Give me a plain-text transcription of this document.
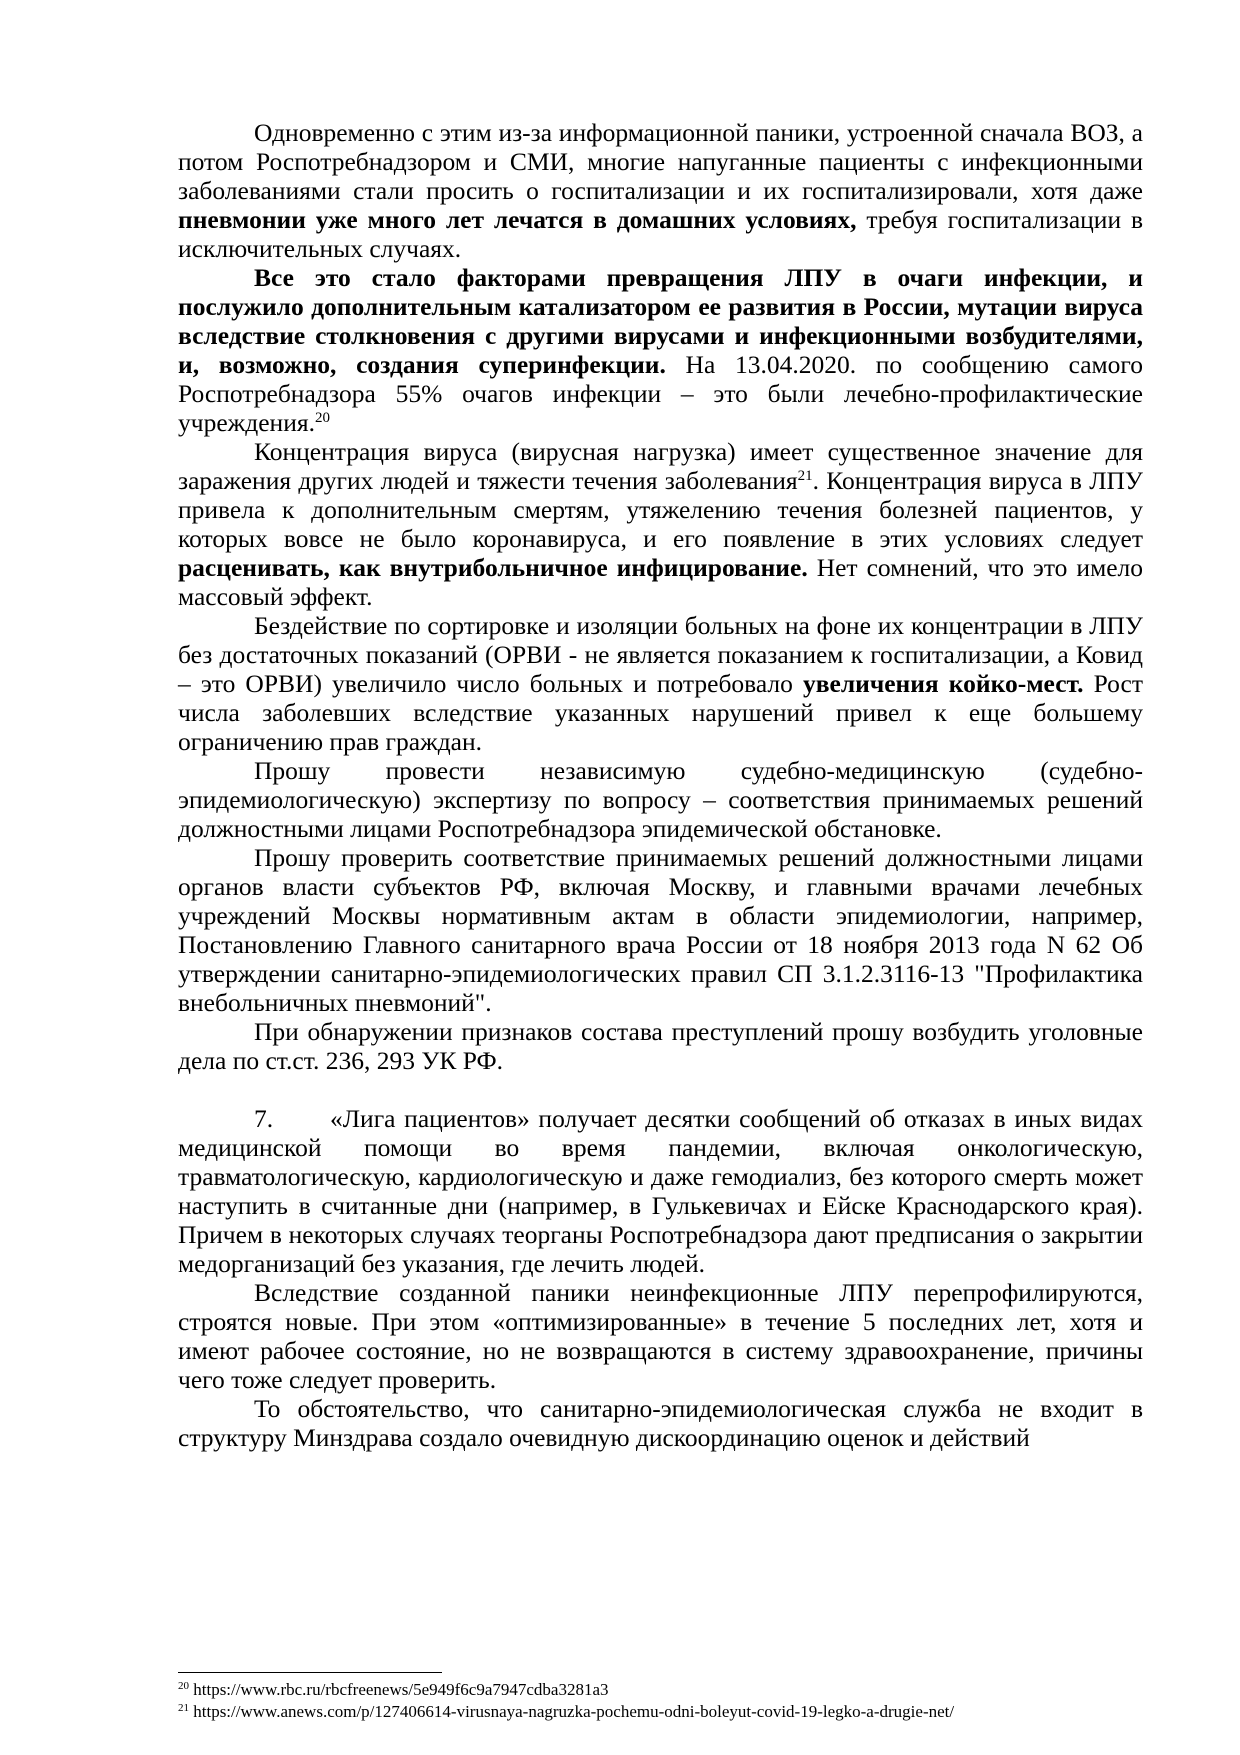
Одновременно с этим из-за информационной паники, устроенной сначала ВОЗ, а потом Роспотребнадзором и СМИ, многие напуганные пациенты с инфекционными заболеваниями стали просить о госпитализации и их госпитализировали, хотя даже пневмонии уже много лет лечатся в домашних условиях, требуя госпитализации в исключительных случаях.

Все это стало факторами превращения ЛПУ в очаги инфекции, и послужило дополнительным катализатором ее развития в России, мутации вируса вследствие столкновения с другими вирусами и инфекционными возбудителями, и, возможно, создания суперинфекции. На 13.04.2020. по сообщению самого Роспотребнадзора 55% очагов инфекции – это были лечебно-профилактические учреждения.$^{20}$

Концентрация вируса (вирусная нагрузка) имеет существенное значение для заражения других людей и тяжести течения заболевания$^{21}$. Концентрация вируса в ЛПУ привела к дополнительным смертям, утяжелению течения болезней пациентов, у которых вовсе не было коронавируса, и его появление в этих условиях следует расценивать, как внутрибольничное инфицирование. Нет сомнений, что это имело массовый эффект.

Бездействие по сортировке и изоляции больных на фоне их концентрации в ЛПУ без достаточных показаний (ОРВИ - не является показанием к госпитализации, а Ковид – это ОРВИ) увеличило число больных и потребовало увеличения койко-мест. Рост числа заболевших вследствие указанных нарушений привел к еще большему ограничению прав граждан.

Прошу провести независимую судебно-медицинскую (судебно-эпидемиологическую) экспертизу по вопросу – соответствия принимаемых решений должностными лицами Роспотребнадзора эпидемической обстановке.

Прошу проверить соответствие принимаемых решений должностными лицами органов власти субъектов РФ, включая Москву, и главными врачами лечебных учреждений Москвы нормативным актам в области эпидемиологии, например, Постановлению Главного санитарного врача России от 18 ноября 2013 года N 62 Об утверждении санитарно-эпидемиологических правил СП 3.1.2.3116-13 "Профилактика внебольничных пневмоний".

При обнаружении признаков состава преступлений прошу возбудить уголовные дела по ст.ст. 236, 293 УК РФ.

7. «Лига пациентов» получает десятки сообщений об отказах в иных видах медицинской помощи во время пандемии, включая онкологическую, травматологическую, кардиологическую и даже гемодиализ, без которого смерть может наступить в считанные дни (например, в Гулькевичах и Ейске Краснодарского края). Причем в некоторых случаях теорганы Роспотребнадзора дают предписания о закрытии медорганизаций без указания, где лечить людей.

Вследствие созданной паники неинфекционные ЛПУ перепрофилируются, строятся новые. При этом «оптимизированные» в течение 5 последних лет, хотя и имеют рабочее состояние, но не возвращаются в систему здравоохранение, причины чего тоже следует проверить.

То обстоятельство, что санитарно-эпидемиологическая служба не входит в структуру Минздрава создало очевидную дискоординацию оценок и действий

$^{20}$ https://www.rbc.ru/rbcfreenews/5e949f6c9a7947cdba3281a3
$^{21}$ https://www.anews.com/p/127406614-virusnaya-nagruzka-pochemu-odni-boleyut-covid-19-legko-a-drugie-net/
